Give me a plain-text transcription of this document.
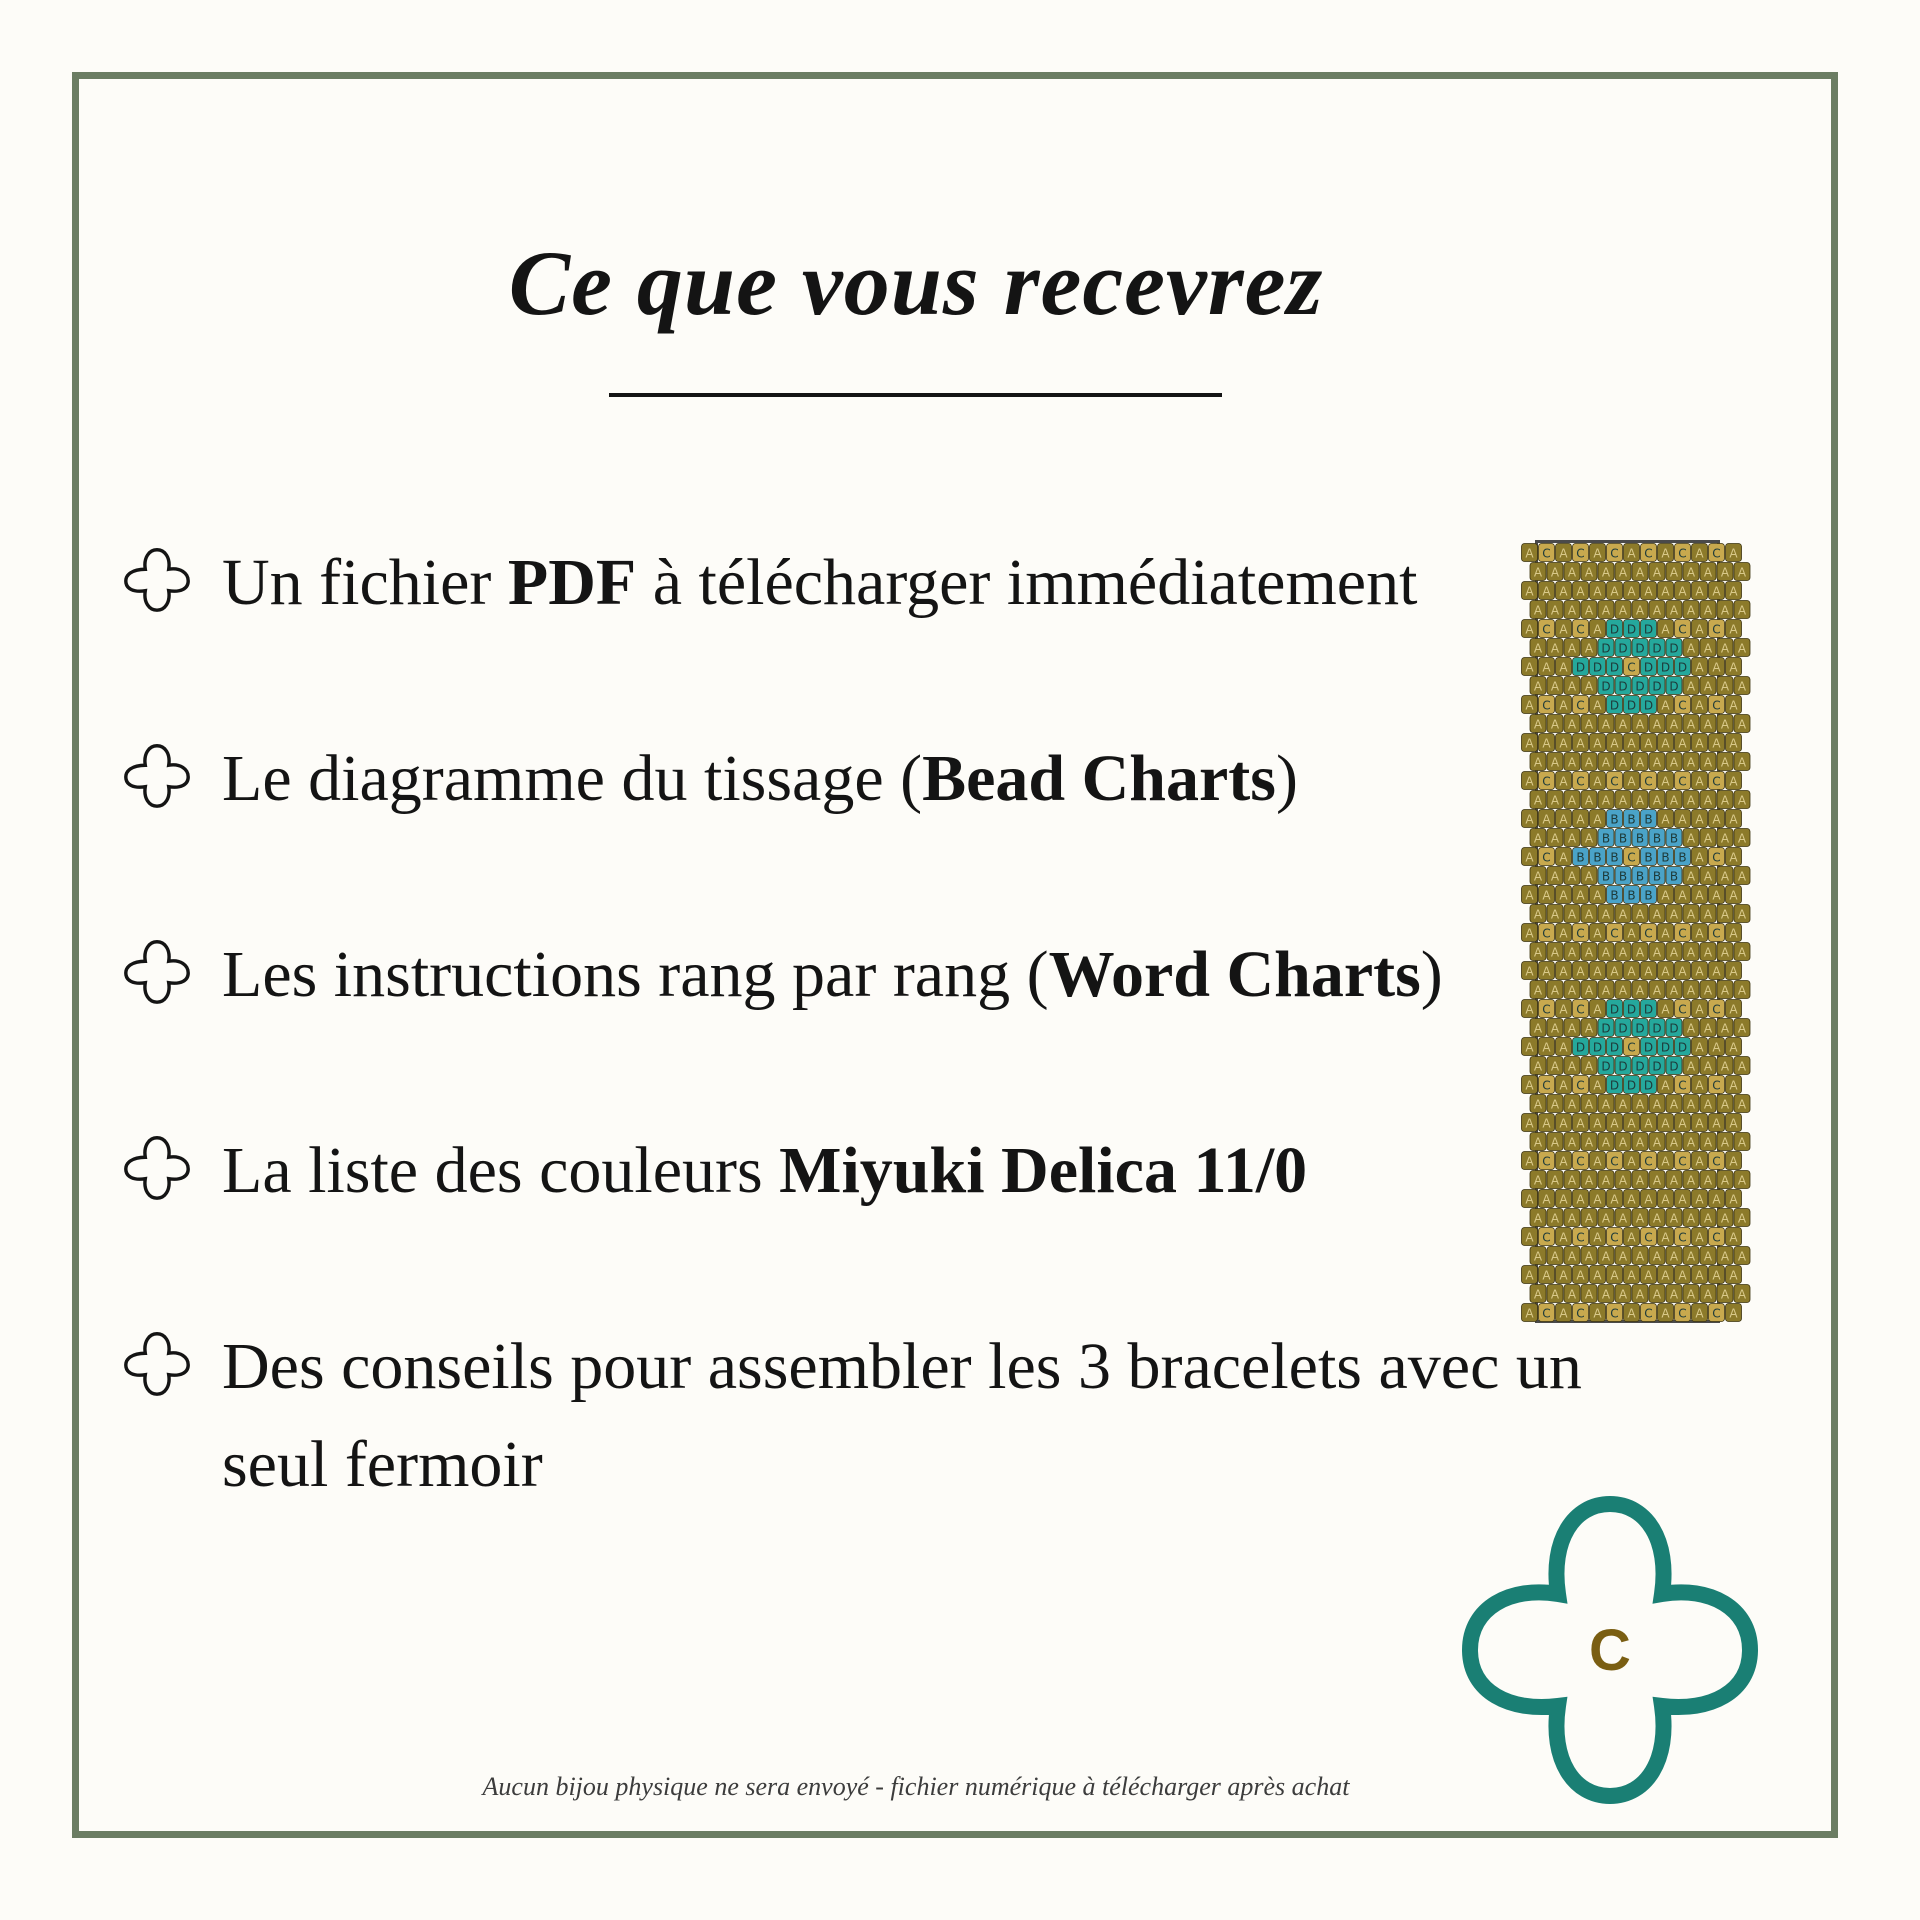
Ce que vous recevrez
Un fichier PDF à télécharger immédiatement
Le diagramme du tissage (Bead Charts)
Les instructions rang par rang (Word Charts)
La liste des couleurs Miyuki Delica 11/0
Des conseils pour assembler les 3 bracelets avec un
seul fermoir
A C A C A C A C A C A C A
A A A A A A A A A A A A A
A A A A A A A A A A A A A
A A A A A A A A A A A A A
A C A C A D D D A C A C A
A A A A D D D D D A A A A
A A A D D D C D D D A A A
A A A A D D D D D A A A A
A C A C A D D D A C A C A
A A A A A A A A A A A A A
A A A A A A A A A A A A A
A A A A A A A A A A A A A
A C A C A C A C A C A C A
A A A A A A A A A A A A A
A A A A A B B B A A A A A
A A A A B B B B B A A A A
A C A B B B C B B B A C A
A A A A B B B B B A A A A
A A A A A B B B A A A A A
A A A A A A A A A A A A A
A C A C A C A C A C A C A
A A A A A A A A A A A A A
A A A A A A A A A A A A A
A A A A A A A A A A A A A
A C A C A D D D A C A C A
A A A A D D D D D A A A A
A A A D D D C D D D A A A
A A A A D D D D D A A A A
A C A C A D D D A C A C A
A A A A A A A A A A A A A
A A A A A A A A A A A A A
A A A A A A A A A A A A A
A C A C A C A C A C A C A
A A A A A A A A A A A A A
A A A A A A A A A A A A A
A A A A A A A A A A A A A
A C A C A C A C A C A C A
A A A A A A A A A A A A A
A A A A A A A A A A A A A
A A A A A A A A A A A A A
A C A C A C A C A C A C A
C
Aucun bijou physique ne sera envoyé - fichier numérique à télécharger après achat
